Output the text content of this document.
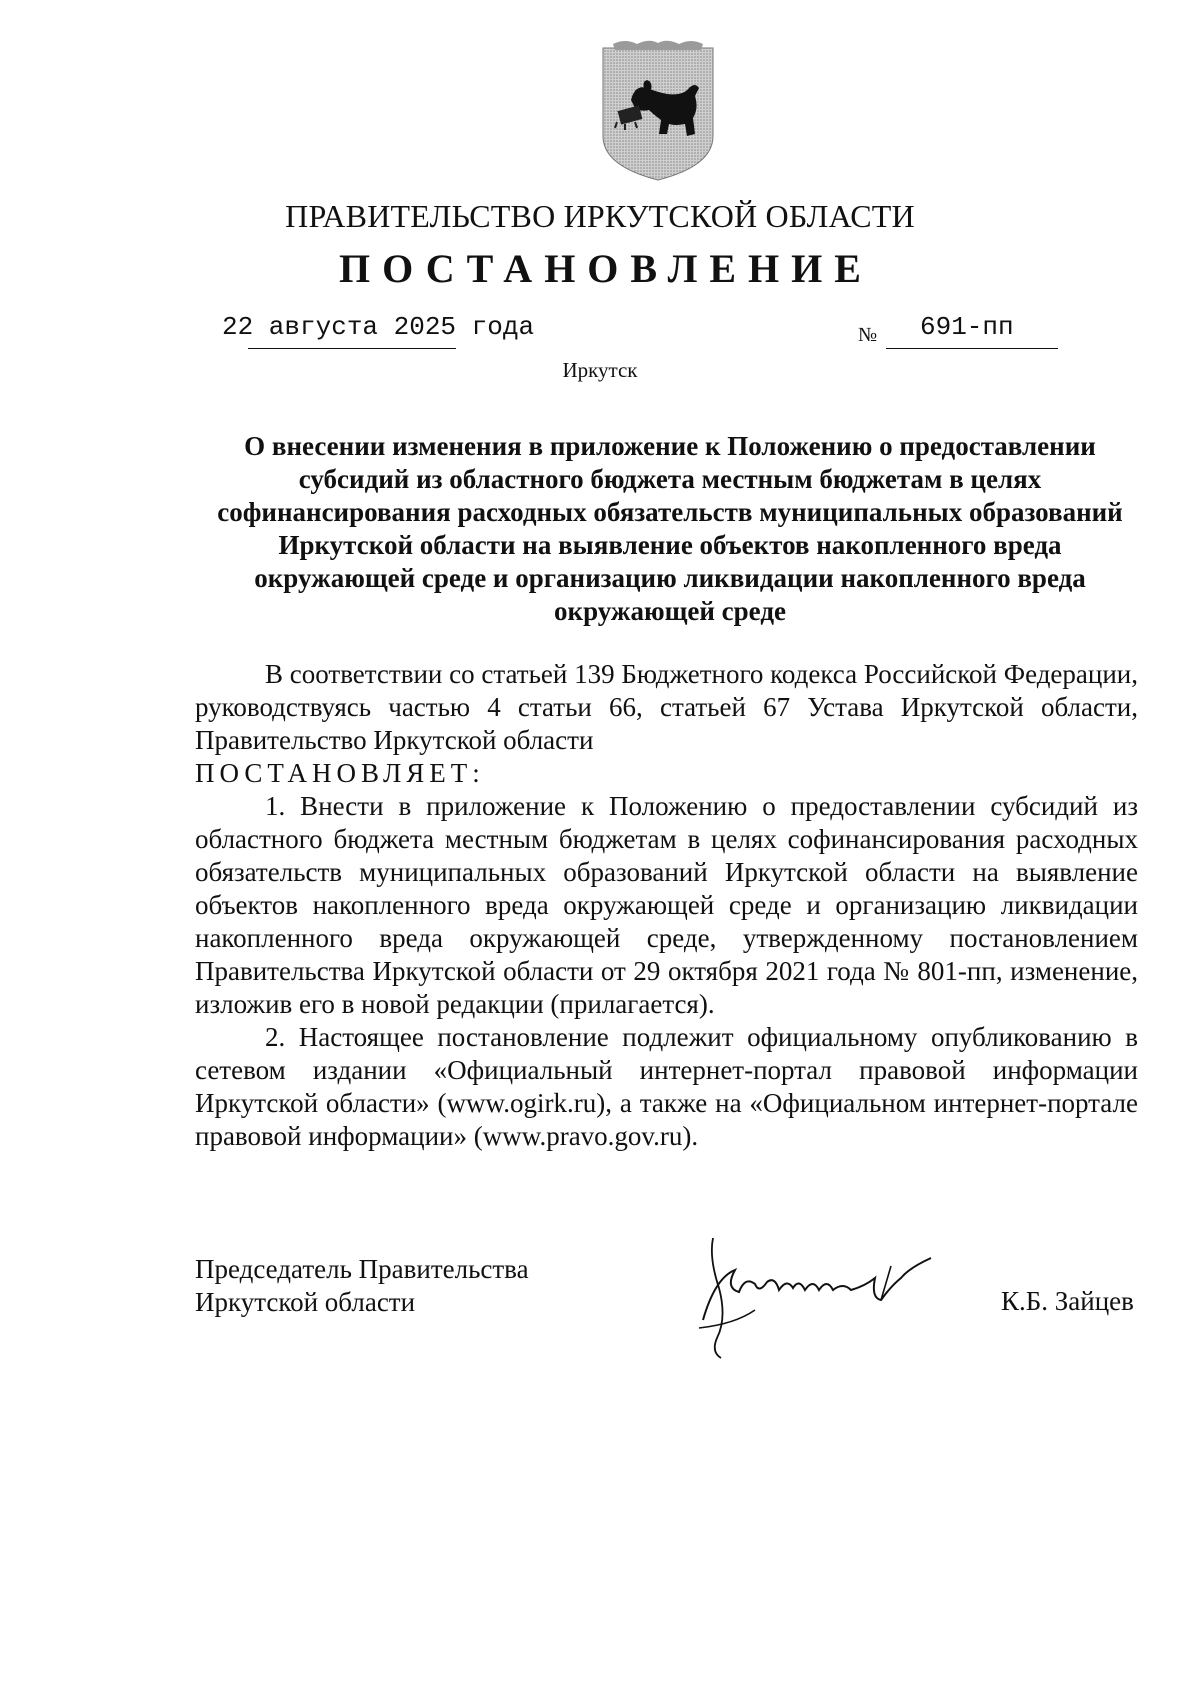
ПРАВИТЕЛЬСТВО ИРКУТСКОЙ ОБЛАСТИ
ПОСТАНОВЛЕНИЕ
22 августа 2025 года	№ 691-пп
Иркутск
О внесении изменения в приложение к Положению о предоставлении субсидий из областного бюджета местным бюджетам в целях софинансирования расходных обязательств муниципальных образований Иркутской области на выявление объектов накопленного вреда окружающей среде и организацию ликвидации накопленного вреда окружающей среде

В соответствии со статьей 139 Бюджетного кодекса Российской Федерации, руководствуясь частью 4 статьи 66, статьей 67 Устава Иркутской области, Правительство Иркутской области

ПОСТАНОВЛЯЕТ:

1. Внести в приложение к Положению о предоставлении субсидий из областного бюджета местным бюджетам в целях софинансирования расходных обязательств муниципальных образований Иркутской области на выявление объектов накопленного вреда окружающей среде и организацию ликвидации накопленного вреда окружающей среде, утвержденному постановлением Правительства Иркутской области от 29 октября 2021 года № 801-пп, изменение, изложив его в новой редакции (прилагается).

2. Настоящее постановление подлежит официальному опубликованию в сетевом издании «Официальный интернет-портал правовой информации Иркутской области» (www.ogirk.ru), а также на «Официальном интернет-портале правовой информации» (www.pravo.gov.ru).

Председатель Правительства
Иркутской области	К.Б. Зайцев
